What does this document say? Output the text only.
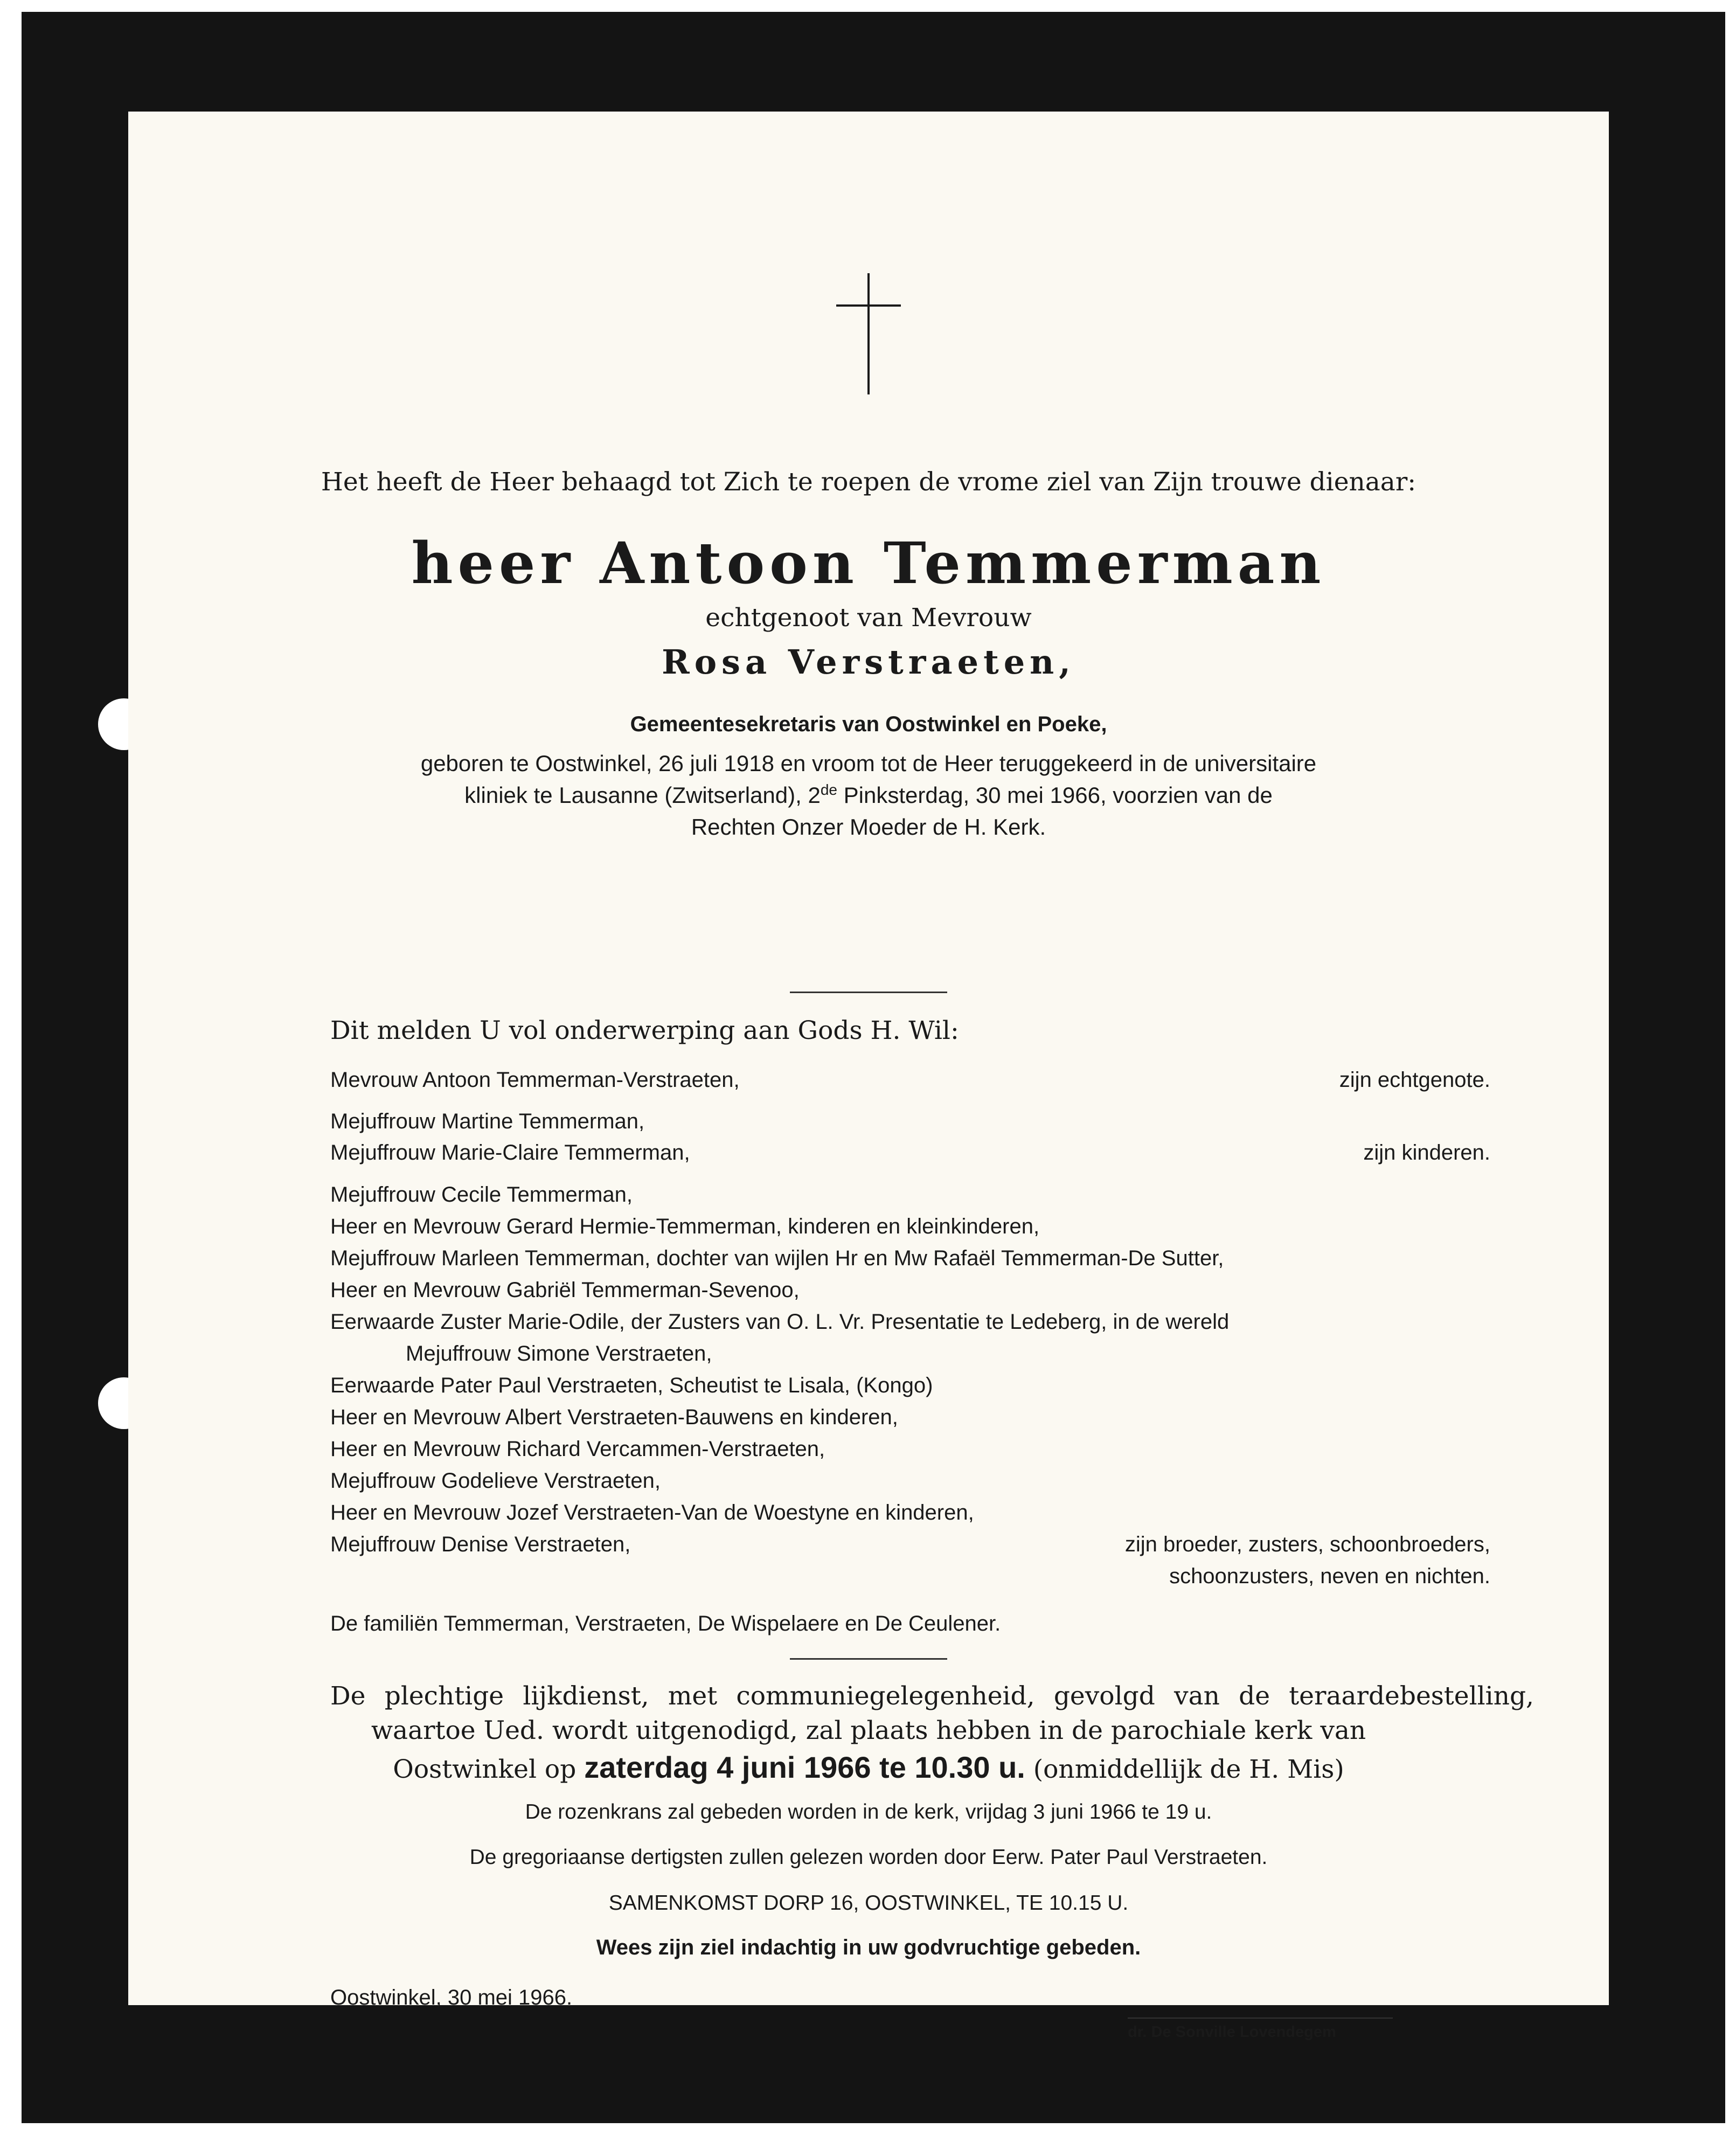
Het heeft de Heer behaagd tot Zich te roepen de vrome ziel van Zijn trouwe dienaar:
heer Antoon Temmerman
echtgenoot van Mevrouw
Rosa Verstraeten,
Gemeentesekretaris van Oostwinkel en Poeke,
geboren te Oostwinkel, 26 juli 1918 en vroom tot de Heer teruggekeerd in de universitaire
kliniek te Lausanne (Zwitserland), 2de Pinksterdag, 30 mei 1966, voorzien van de
Rechten Onzer Moeder de H. Kerk.
Dit melden U vol onderwerping aan Gods H. Wil:
Mevrouw Antoon Temmerman-Verstraeten,	zijn echtgenote.
Mejuffrouw Martine Temmerman,
Mejuffrouw Marie-Claire Temmerman,	zijn kinderen.
Mejuffrouw Cecile Temmerman,
Heer en Mevrouw Gerard Hermie-Temmerman, kinderen en kleinkinderen,
Mejuffrouw Marleen Temmerman, dochter van wijlen Hr en Mw Rafaël Temmerman-De Sutter,
Heer en Mevrouw Gabriël Temmerman-Sevenoo,
Eerwaarde Zuster Marie-Odile, der Zusters van O. L. Vr. Presentatie te Ledeberg, in de wereld
Mejuffrouw Simone Verstraeten,
Eerwaarde Pater Paul Verstraeten, Scheutist te Lisala, (Kongo)
Heer en Mevrouw Albert Verstraeten-Bauwens en kinderen,
Heer en Mevrouw Richard Vercammen-Verstraeten,
Mejuffrouw Godelieve Verstraeten,
Heer en Mevrouw Jozef Verstraeten-Van de Woestyne en kinderen,
Mejuffrouw Denise Verstraeten,	zijn broeder, zusters, schoonbroeders,
schoonzusters, neven en nichten.
De familiën Temmerman, Verstraeten, De Wispelaere en De Ceulener.
De plechtige lijkdienst, met communiegelegenheid, gevolgd van de teraardebestelling,
waartoe Ued. wordt uitgenodigd, zal plaats hebben in de parochiale kerk van
Oostwinkel op zaterdag 4 juni 1966 te 10.30 u. (onmiddellijk de H. Mis)
De rozenkrans zal gebeden worden in de kerk, vrijdag 3 juni 1966 te 19 u.
De gregoriaanse dertigsten zullen gelezen worden door Eerw. Pater Paul Verstraeten.
SAMENKOMST DORP 16, OOSTWINKEL, TE 10.15 U.
Wees zijn ziel indachtig in uw godvruchtige gebeden.
Oostwinkel, 30 mei 1966.
dr. De Sonville Lovendegem
